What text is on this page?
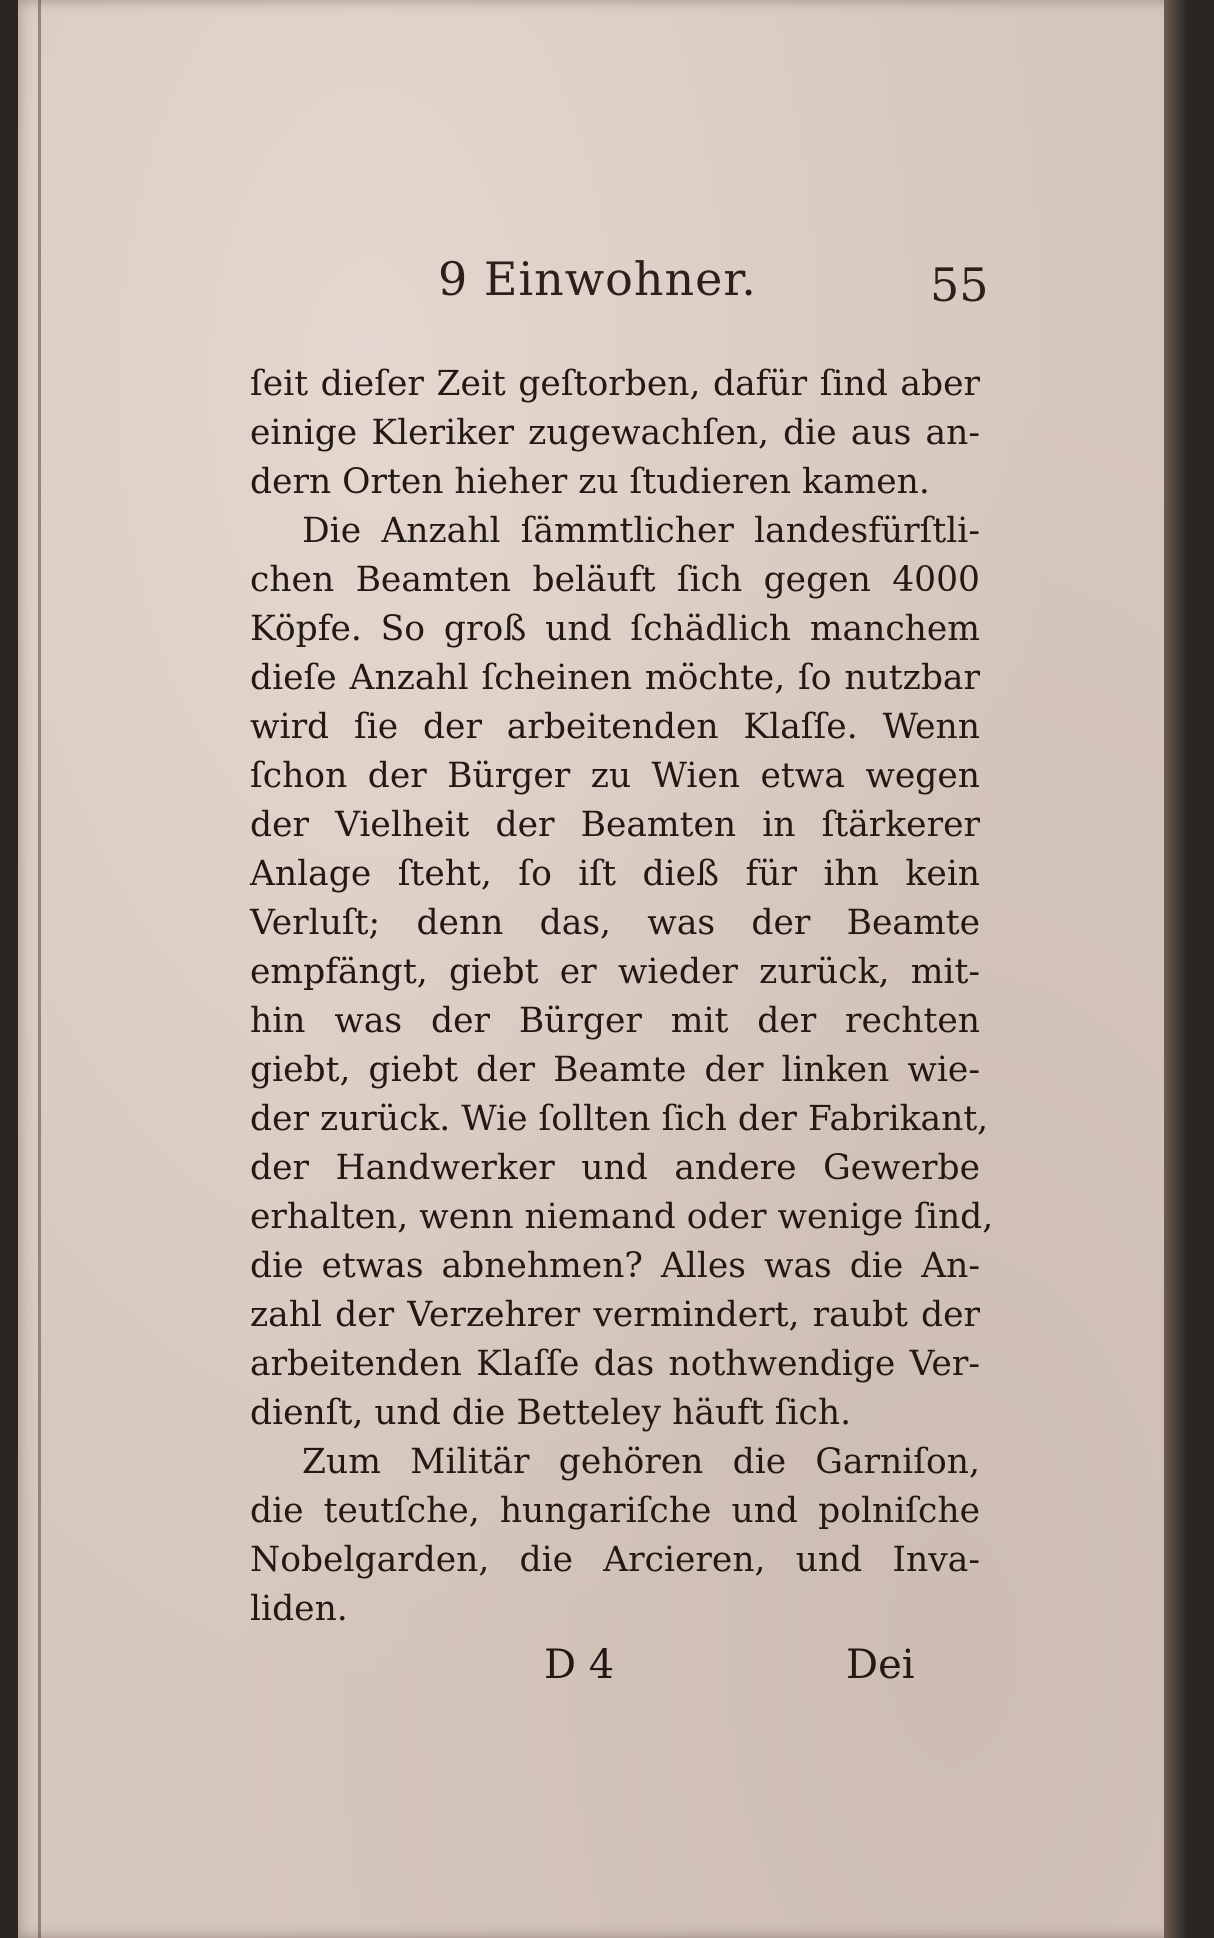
9 Einwohner.	55
ſeit dieſer Zeit geſtorben, dafür ſind aber
einige Kleriker zugewachſen, die aus an-
dern Orten hieher zu ſtudieren kamen.
Die Anzahl ſämmtlicher landesfürſtli-
chen Beamten beläuft ſich gegen 4000
Köpfe. So groß und ſchädlich manchem
dieſe Anzahl ſcheinen möchte, ſo nutzbar
wird ſie der arbeitenden Klaſſe. Wenn
ſchon der Bürger zu Wien etwa wegen
der Vielheit der Beamten in ſtärkerer
Anlage ſteht, ſo iſt dieß für ihn kein
Verluſt; denn das, was der Beamte
empfängt, giebt er wieder zurück, mit-
hin was der Bürger mit der rechten
giebt, giebt der Beamte der linken wie-
der zurück. Wie ſollten ſich der Fabrikant,
der Handwerker und andere Gewerbe
erhalten, wenn niemand oder wenige ſind,
die etwas abnehmen? Alles was die An-
zahl der Verzehrer vermindert, raubt der
arbeitenden Klaſſe das nothwendige Ver-
dienſt, und die Betteley häuft ſich.
Zum Militär gehören die Garniſon,
die teutſche, hungariſche und polniſche
Nobelgarden, die Arcieren, und Inva-
liden.
D 4	Dei
